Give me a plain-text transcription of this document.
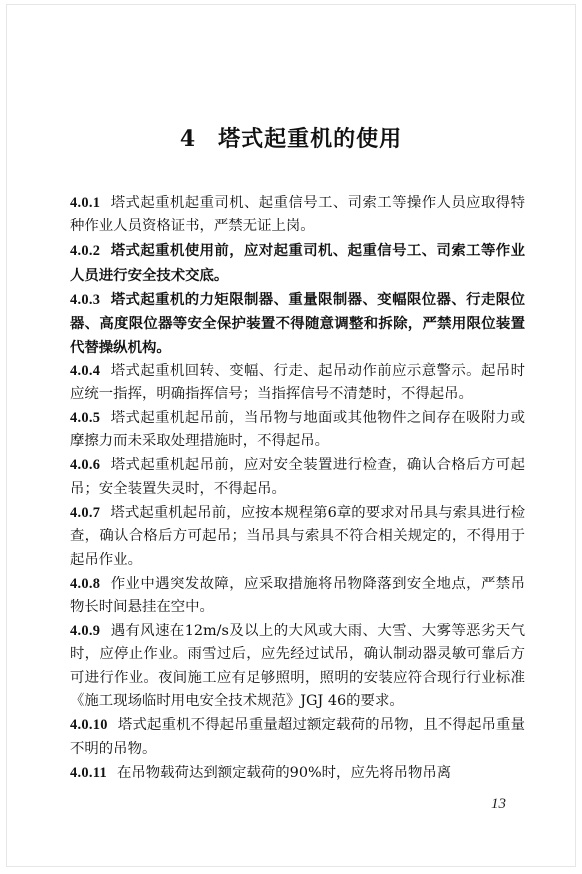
4 塔式起重机的使用

4.0.1 塔式起重机起重司机、起重信号工、司索工等操作人员应取得特种作业人员资格证书，严禁无证上岗。

4.0.2 塔式起重机使用前，应对起重司机、起重信号工、司索工等作业人员进行安全技术交底。

4.0.3 塔式起重机的力矩限制器、重量限制器、变幅限位器、行走限位器、高度限位器等安全保护装置不得随意调整和拆除，严禁用限位装置代替操纵机构。

4.0.4 塔式起重机回转、变幅、行走、起吊动作前应示意警示。起吊时应统一指挥，明确指挥信号；当指挥信号不清楚时，不得起吊。

4.0.5 塔式起重机起吊前，当吊物与地面或其他物件之间存在吸附力或摩擦力而未采取处理措施时，不得起吊。

4.0.6 塔式起重机起吊前，应对安全装置进行检查，确认合格后方可起吊；安全装置失灵时，不得起吊。

4.0.7 塔式起重机起吊前，应按本规程第6章的要求对吊具与索具进行检查，确认合格后方可起吊；当吊具与索具不符合相关规定的，不得用于起吊作业。

4.0.8 作业中遇突发故障，应采取措施将吊物降落到安全地点，严禁吊物长时间悬挂在空中。

4.0.9 遇有风速在12m/s及以上的大风或大雨、大雪、大雾等恶劣天气时，应停止作业。雨雪过后，应先经过试吊，确认制动器灵敏可靠后方可进行作业。夜间施工应有足够照明，照明的安装应符合现行行业标准《施工现场临时用电安全技术规范》JGJ 46的要求。

4.0.10 塔式起重机不得起吊重量超过额定载荷的吊物，且不得起吊重量不明的吊物。

4.0.11 在吊物载荷达到额定载荷的90%时，应先将吊物吊离

13
